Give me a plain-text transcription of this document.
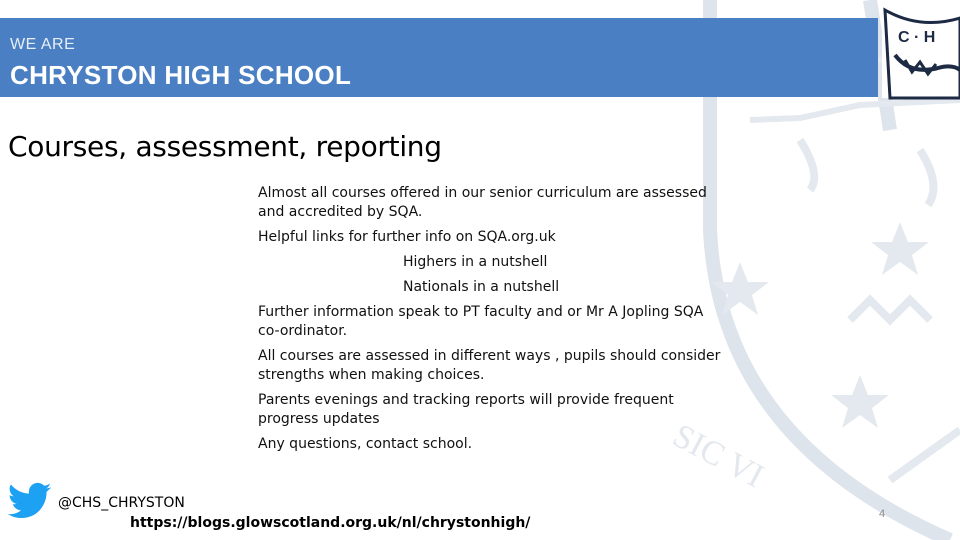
C · H
SIC VI
WE ARE
CHRYSTON HIGH SCHOOL
Courses, assessment, reporting

Almost all courses offered in our senior curriculum are assessed and accredited by SQA.

Helpful links for further info on SQA.org.uk

Highers in a nutshell

Nationals in a nutshell

Further information speak to PT faculty and or Mr A Jopling SQA co-ordinator.

All courses are assessed in different ways , pupils should consider strengths when making choices.

Parents evenings and tracking reports will provide frequent progress updates

Any questions, contact school.

@CHS_CHRYSTON
https://blogs.glowscotland.org.uk/nl/chrystonhigh/
4
